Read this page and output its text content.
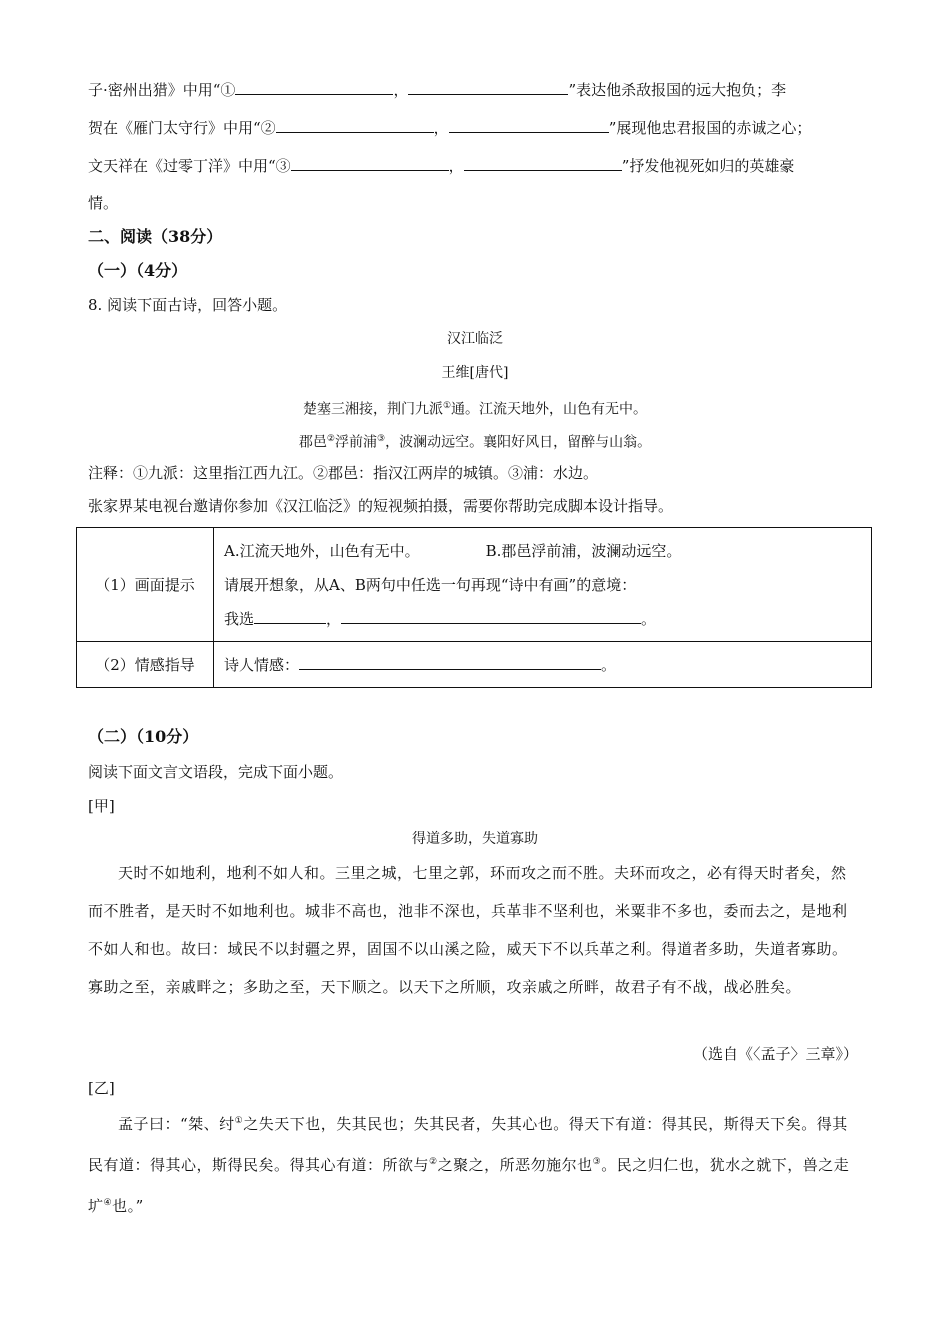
子·密州出猎》中用“①	，	”表达他杀敌报国的远大抱负；李
贺在《雁门太守行》中用“②	，	”展现他忠君报国的赤诚之心；
文天祥在《过零丁洋》中用“③	，	”抒发他视死如归的英雄豪
情。
二、阅读（38分）
（一）（4分）
8. 阅读下面古诗，回答小题。
汉江临泛
王维[唐代]
楚塞三湘接，荆门九派①通。江流天地外，山色有无中。
郡邑②浮前浦③，波澜动远空。襄阳好风日，留醉与山翁。
注释：①九派：这里指江西九江。②郡邑：指汉江两岸的城镇。③浦：水边。
张家界某电视台邀请你参加《汉江临泛》的短视频拍摄，需要你帮助完成脚本设计指导。
（1）画面提示	A.江流天地外，山色有无中。 B.郡邑浮前浦，波澜动远空。
请展开想象，从A、B两句中任选一句再现“诗中有画”的意境：
我选 ， 。

（2）情感指导	诗人情感： 。
（二）（10分）
阅读下面文言文语段，完成下面小题。
[甲]
得道多助，失道寡助
天时不如地利，地利不如人和。三里之城，七里之郭，环而攻之而不胜。夫环而攻之，必有得天时者矣，然而不胜者，是天时不如地利也。城非不高也，池非不深也，兵革非不坚利也，米粟非不多也，委而去之，是地利不如人和也。故曰：域民不以封疆之界，固国不以山溪之险，威天下不以兵革之利。得道者多助，失道者寡助。寡助之至，亲戚畔之；多助之至，天下顺之。以天下之所顺，攻亲戚之所畔，故君子有不战，战必胜矣。
（选自《〈孟子〉三章》）
[乙]
孟子曰：“桀、纣①之失天下也，失其民也；失其民者，失其心也。得天下有道：得其民，斯得天下矣。得其民有道：得其心，斯得民矣。得其心有道：所欲与②之聚之，所恶勿施尔也③。民之归仁也，犹水之就下，兽之走圹④也。”
